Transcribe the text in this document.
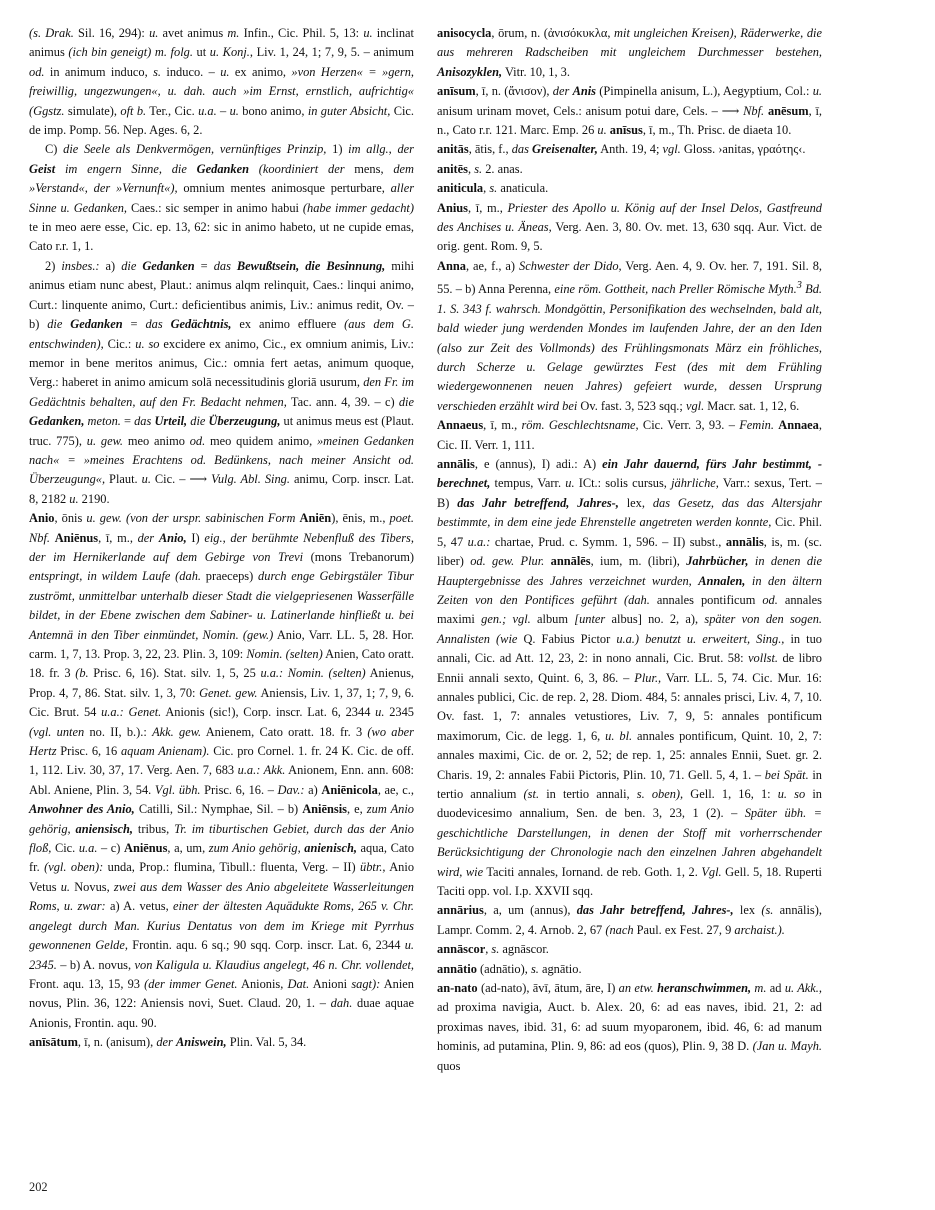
(s. Drak. Sil. 16, 294): u. avet animus m. Infin., Cic. Phil. 5, 13: u. inclinat animus (ich bin geneigt) m. folg. ut u. Konj., Liv. 1, 24, 1; 7, 9, 5. – animum od. in animum induco, s. induco. – u. ex animo, »von Herzen« = »gern, freiwillig, ungezwungen«, u. dah. auch »im Ernst, ernstlich, aufrichtig« (Ggstz. simulate), oft b. Ter., Cic. u.a. – u. bono animo, in guter Absicht, Cic. de imp. Pomp. 56. Nep. Ages. 6, 2.

C) die Seele als Denkvermögen, vernünftiges Prinzip, 1) im allg., der Geist im engern Sinne, die Gedanken (koordiniert der mens, dem »Verstand«, der »Vernunft«), omnium mentes animosque perturbare, aller Sinne u. Gedanken, Caes.: sic semper in animo habui (habe immer gedacht) te in meo aere esse, Cic. ep. 13, 62: sic in animo habeto, ut ne cupide emas, Cato r.r. 1, 1.

2) insbes.: a) die Gedanken = das Bewußtsein, die Besinnung, mihi animus etiam nunc abest, Plaut.: animus alqm relinquit, Caes.: linqui animo, Curt.: linquente animo, Curt.: deficientibus animis, Liv.: animus redit, Ov. – b) die Gedanken = das Gedächtnis, ex animo effluere (aus dem G. entschwinden), Cic.: u. so excidere ex animo, Cic., ex omnium animis, Liv.: memor in bene meritos animus, Cic.: omnia fert aetas, animum quoque, Verg.: haberet in animo amicum solā necessitudinis gloriā usurum, den Fr. im Gedächtnis behalten, auf den Fr. Bedacht nehmen, Tac. ann. 4, 39. – c) die Gedanken, meton. = das Urteil, die Überzeugung, ut animus meus est (Plaut. truc. 775), u. gew. meo animo od. meo quidem animo, »meinen Gedanken nach« = »meines Erachtens od. Bedünkens, nach meiner Ansicht od. Überzeugung«, Plaut. u. Cic. – ⟶ Vulg. Abl. Sing. animu, Corp. inscr. Lat. 8, 2182 u. 2190.

Anio, ōnis u. gew. (von der urspr. sabinischen Form Aniēn), ēnis, m., poet. Nbf. Aniēnus, ī, m., der Anio, I) eig., der berühmte Nebenfluß des Tibers, der im Hernikerlande auf dem Gebirge von Trevi (mons Trebanorum) entspringt, in wildem Laufe (dah. praeceps) durch enge Gebirgstäler Tibur zuströmt, unmittelbar unterhalb dieser Stadt die vielgepriesenen Wasserfälle bildet, in der Ebene zwischen dem Sabiner- u. Latinerlande hinfließt u. bei Antemnä in den Tiber einmündet, Nomin. (gew.) Anio, Varr. LL. 5, 28. Hor. carm. 1, 7, 13. Prop. 3, 22, 23. Plin. 3, 109: Nomin. (selten) Anien, Cato oratt. 18. fr. 3 (b. Prisc. 6, 16). Stat. silv. 1, 5, 25 u.a.: Nomin. (selten) Anienus, Prop. 4, 7, 86. Stat. silv. 1, 3, 70: Genet. gew. Aniensis, Liv. 1, 37, 1; 7, 9, 6. Cic. Brut. 54 u.a.: Genet. Anionis (sic!), Corp. inscr. Lat. 6, 2344 u. 2345 (vgl. unten no. II, b.).: Akk. gew. Anienem, Cato oratt. 18. fr. 3 (wo aber Hertz Prisc. 6, 16 aquam Anienam). Cic. pro Cornel. 1. fr. 24 K. Cic. de off. 1, 112. Liv. 30, 37, 17. Verg. Aen. 7, 683 u.a.: Akk. Anionem, Enn. ann. 608: Abl. Aniene, Plin. 3, 54. Vgl. übh. Prisc. 6, 16. – Dav.: a) Aniēnicola, ae, c., Anwohner des Anio, Catilli, Sil.: Nymphae, Sil. – b) Aniēnsis, e, zum Anio gehörig, aniensisch, tribus, Tr. im tiburtischen Gebiet, durch das der Anio floß, Cic. u.a. – c) Aniēnus, a, um, zum Anio gehörig, anienisch, aqua, Cato fr. (vgl. oben): unda, Prop.: flumina, Tibull.: fluenta, Verg. – II) übtr., Anio Vetus u. Novus, zwei aus dem Wasser des Anio abgeleitete Wasserleitungen Roms, u. zwar: a) A. vetus, einer der ältesten Aquädukte Roms, 265 v. Chr. angelegt durch Man. Kurius Dentatus von dem im Kriege mit Pyrrhus gewonnenen Gelde, Frontin. aqu. 6 sq.; 90 sqq. Corp. inscr. Lat. 6, 2344 u. 2345. – b) A. novus, von Kaligula u. Klaudius angelegt, 46 n. Chr. vollendet, Front. aqu. 13, 15, 93 (der immer Genet. Anionis, Dat. Anioni sagt): Anien novus, Plin. 36, 122: Aniensis novi, Suet. Claud. 20, 1. – dah. duae aquae Anionis, Frontin. aqu. 90.

anīsātum, ī, n. (anisum), der Aniswein, Plin. Val. 5, 34.

anisocycla, ōrum, n. (ἀνισόκυκλα, mit ungleichen Kreisen), Räderwerke, die aus mehreren Radscheiben mit ungleichem Durchmesser bestehen, Anisozyklen, Vitr. 10, 1, 3.

anīsum, ī, n. (ἄνισον), der Anis (Pimpinella anisum, L.), Aegyptium, Col.: u. anisum urinam movet, Cels.: anisum potui dare, Cels. – ⟶ Nbf. anēsum, ī, n., Cato r.r. 121. Marc. Emp. 26 u. anīsus, ī, m., Th. Prisc. de diaeta 10.

anitās, ātis, f., das Greisenalter, Anth. 19, 4; vgl. Gloss. ›anitas, γραότης‹.

anitēs, s. 2. anas.

aniticula, s. anaticula.

Anius, ī, m., Priester des Apollo u. König auf der Insel Delos, Gastfreund des Anchises u. Äneas, Verg. Aen. 3, 80. Ov. met. 13, 630 sqq. Aur. Vict. de orig. gent. Rom. 9, 5.

Anna, ae, f., a) Schwester der Dido, Verg. Aen. 4, 9. Ov. her. 7, 191. Sil. 8, 55. – b) Anna Perenna, eine röm. Gottheit, nach Preller Römische Myth.$^3$ Bd. 1. S. 343 f. wahrsch. Mondgöttin, Personifikation des wechselnden, bald alt, bald wieder jung werdenden Mondes im laufenden Jahre, der an den Iden (also zur Zeit des Vollmonds) des Frühlingsmonats März ein fröhliches, durch Scherze u. Gelage gewürztes Fest (des mit dem Frühling wiedergewonnenen neuen Jahres) gefeiert wurde, dessen Ursprung verschieden erzählt wird bei Ov. fast. 3, 523 sqq.; vgl. Macr. sat. 1, 12, 6.

Annaeus, ī, m., röm. Geschlechtsname, Cic. Verr. 3, 93. – Femin. Annaea, Cic. II. Verr. 1, 111.

annālis, e (annus), I) adi.: A) ein Jahr dauernd, fürs Jahr bestimmt, -berechnet, tempus, Varr. u. ICt.: solis cursus, jährliche, Varr.: sexus, Tert. – B) das Jahr betreffend, Jahres-, lex, das Gesetz, das das Altersjahr bestimmte, in dem eine jede Ehrenstelle angetreten werden konnte, Cic. Phil. 5, 47 u.a.: chartae, Prud. c. Symm. 1, 596. – II) subst., annālis, is, m. (sc. liber) od. gew. Plur. annālēs, ium, m. (libri), Jahrbücher, in denen die Hauptergebnisse des Jahres verzeichnet wurden, Annalen, in den ältern Zeiten von den Pontifices geführt (dah. annales pontificum od. annales maximi gen.; vgl. album [unter albus] no. 2, a), später von den sogen. Annalisten (wie Q. Fabius Pictor u.a.) benutzt u. erweitert, Sing., in tuo annali, Cic. ad Att. 12, 23, 2: in nono annali, Cic. Brut. 58: vollst. de libro Ennii annali sexto, Quint. 6, 3, 86. – Plur., Varr. LL. 5, 74. Cic. Mur. 16: annales publici, Cic. de rep. 2, 28. Diom. 484, 5: annales prisci, Liv. 4, 7, 10. Ov. fast. 1, 7: annales vetustiores, Liv. 7, 9, 5: annales pontificum maximorum, Cic. de legg. 1, 6, u. bl. annales pontificum, Quint. 10, 2, 7: annales maximi, Cic. de or. 2, 52; de rep. 1, 25: annales Ennii, Suet. gr. 2. Charis. 19, 2: annales Fabii Pictoris, Plin. 10, 71. Gell. 5, 4, 1. – bei Spät. in tertio annalium (st. in tertio annali, s. oben), Gell. 1, 16, 1: u. so in duodevicesimo annalium, Sen. de ben. 3, 23, 1 (2). – Später übh. = geschichtliche Darstellungen, in denen der Stoff mit vorherrschender Berücksichtigung der Chronologie nach den einzelnen Jahren abgehandelt wird, wie Taciti annales, Iornand. de reb. Goth. 1, 2. Vgl. Gell. 5, 18. Ruperti Taciti opp. vol. I.p. XXVII sqq.

annārius, a, um (annus), das Jahr betreffend, Jahres-, lex (s. annālis), Lampr. Comm. 2, 4. Arnob. 2, 67 (nach Paul. ex Fest. 27, 9 archaist.).

annāscor, s. agnāscor.

annātio (adnātio), s. agnātio.

an-nato (ad-nato), āvī, ātum, āre, I) an etw. heranschwimmen, m. ad u. Akk., ad proxima navigia, Auct. b. Alex. 20, 6: ad eas naves, ibid. 21, 2: ad proximas naves, ibid. 31, 6: ad suum myoparonem, ibid. 46, 6: ad manum hominis, ad putamina, Plin. 9, 86: ad eos (quos), Plin. 9, 38 D. (Jan u. Mayh. quos

202
